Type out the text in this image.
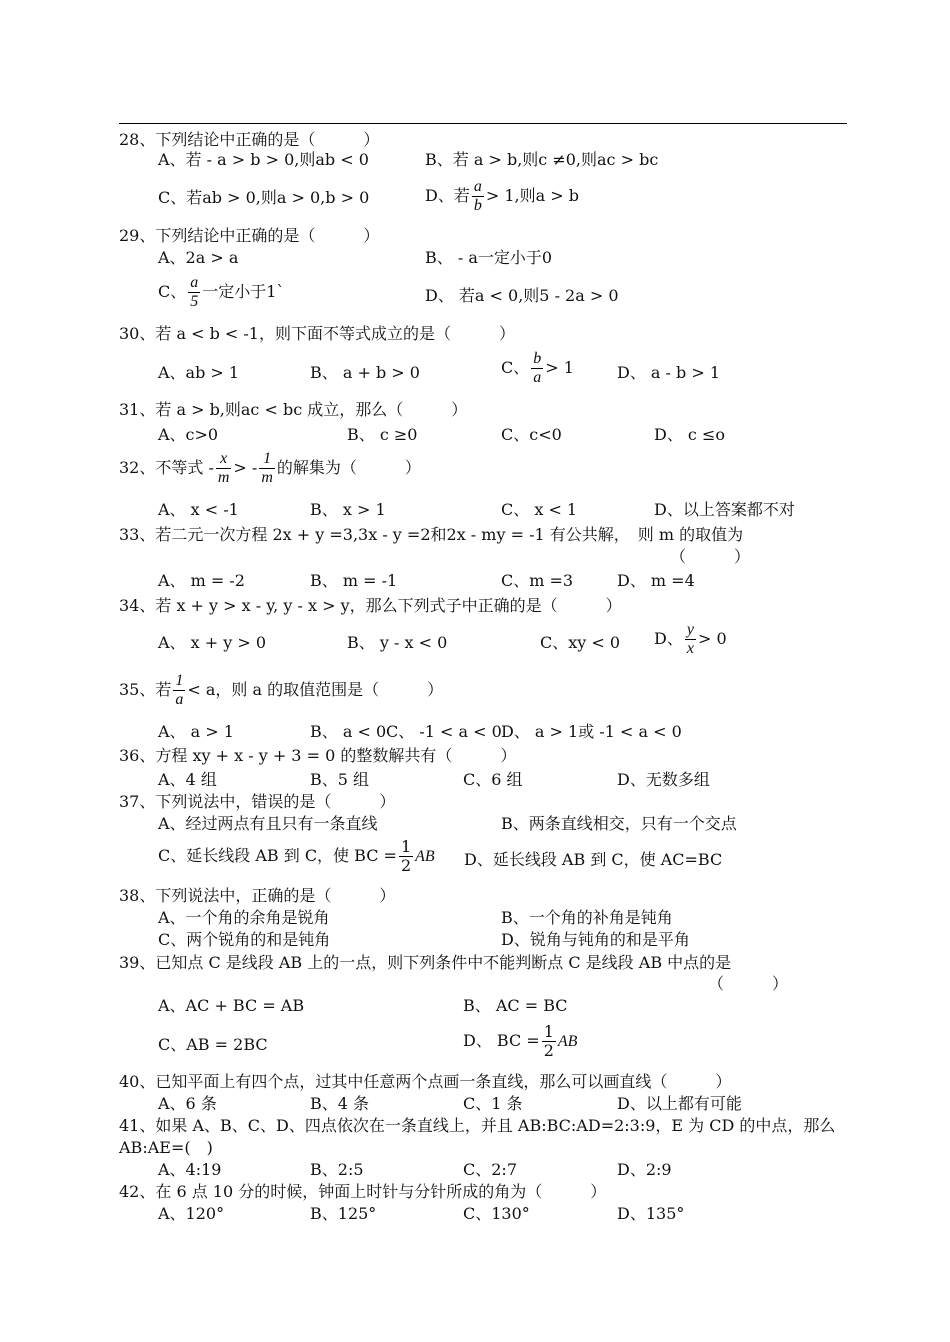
28、下列结论中正确的是（　　　）
A、若 - a > b > 0,则ab < 0	B、若 a > b,则c ≠0,则ac > bc
C、若ab > 0,则a > 0,b > 0	D、若 $\frac{a}{b} > 1$,则a > b
29、下列结论中正确的是（　　　）
A、2a > a	B、 - a一定小于0
C、 $\frac{a}{5}$ 一定小于1`	D、 若a < 0,则5 - 2a > 0
30、若 a < b < -1，则下面不等式成立的是（　　　）
A、ab > 1	B、 a + b > 0	C、 $\frac{b}{a} > 1$	D、 a - b > 1
31、若 a > b,则ac < bc 成立，那么（　　　）
A、c>0	B、 c ≥0	C、c<0	D、 c ≤o
32、不等式 - $\frac{x}{m}$ > - $\frac{1}{m}$ 的解集为（　　　）
A、 x < -1	B、 x > 1	C、 x < 1	D、以上答案都不对
33、若二元一次方程 2x + y =3,3x - y =2和2x - my = -1 有公共解，　则 m 的取值为
（　　　）
A、 m = -2	B、 m = -1	C、m =3	D、 m =4
34、若 x + y > x - y, y - x > y，那么下列式子中正确的是（　　　）
A、 x + y > 0	B、 y - x < 0	C、xy < 0 D、 $\frac{y}{x} > 0$
35、若 $\frac{1}{a} < a$，则 a 的取值范围是（　　　）
A、 a > 1	B、 a < 0 C、 -1 < a < 0 D、 a > 1或 -1 < a < 0
36、方程 xy + x - y + 3 = 0 的整数解共有（　　　）
A、4 组	B、5 组	C、6 组	D、无数多组
37、下列说法中，错误的是（　　　）
A、经过两点有且只有一条直线	B、两条直线相交，只有一个交点
C、延长线段 AB 到 C，使 BC = $\frac{1}{2}$ AB D、延长线段 AB 到 C，使 AC=BC
38、下列说法中，正确的是（　　　）
A、一个角的余角是锐角	B、一个角的补角是钝角
C、两个锐角的和是钝角	D、锐角与钝角的和是平角
39、已知点 C 是线段 AB 上的一点，则下列条件中不能判断点 C 是线段 AB 中点的是
（　　　）
A、AC + BC = AB	B、 AC = BC
C、AB = 2BC	D、 BC = $\frac{1}{2}$ AB
40、已知平面上有四个点，过其中任意两个点画一条直线，那么可以画直线（　　　）
A、6 条	B、4 条	C、1 条	D、以上都有可能
41、如果 A、B、C、D、四点依次在一条直线上，并且 AB:BC:AD=2:3:9，E 为 CD 的中点，那么
AB:AE=(　)
A、4:19	B、2:5	C、2:7	D、2:9
42、在 6 点 10 分的时候，钟面上时针与分针所成的角为（　　　）
A、120°	B、125°	C、130°	D、135°
